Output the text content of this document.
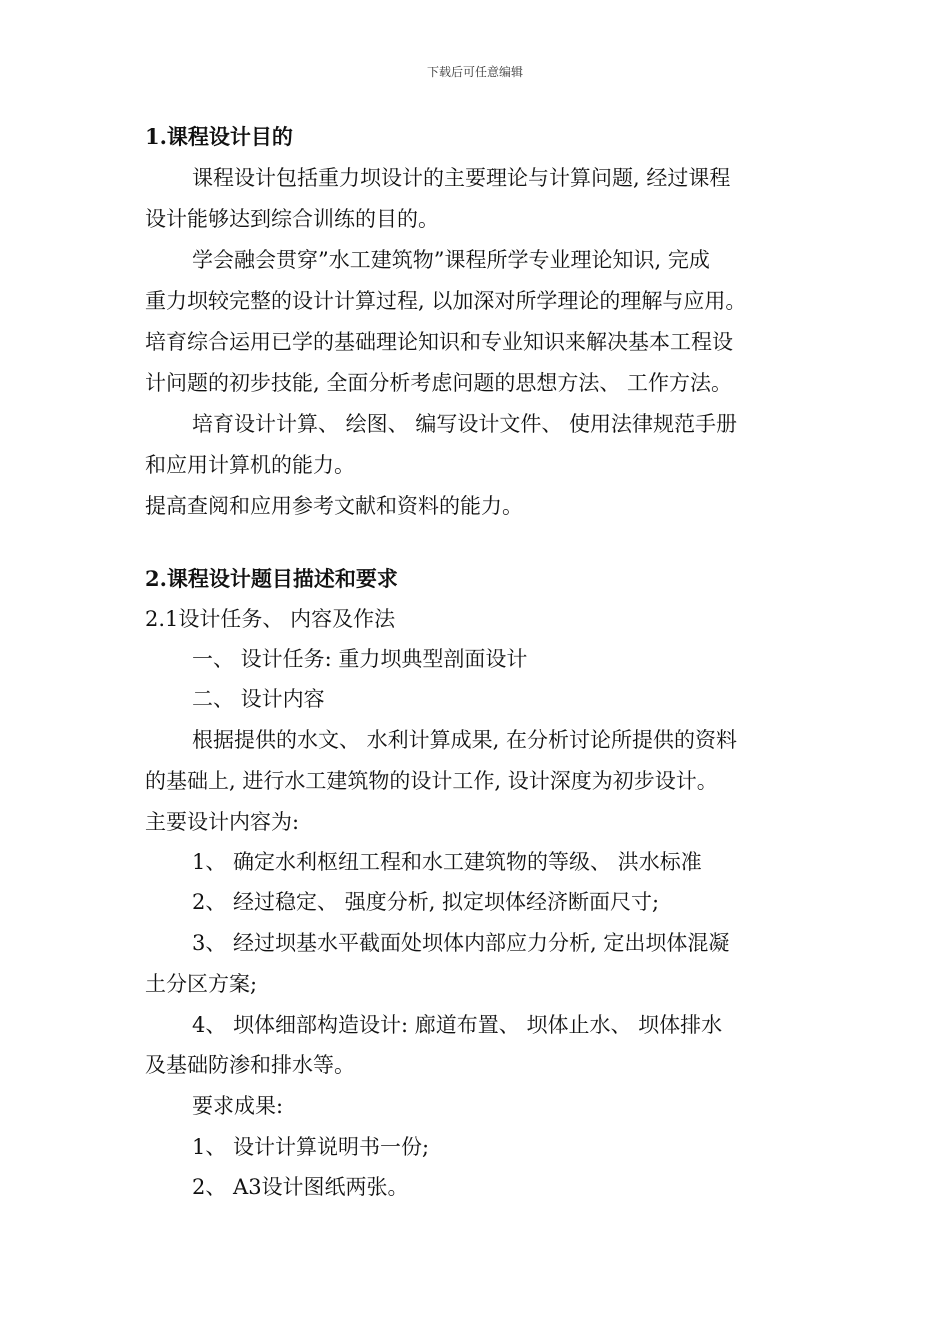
下载后可任意编辑
1.课程设计目的
课程设计包括重力坝设计的主要理论与计算问题, 经过课程
设计能够达到综合训练的目的。
学会融会贯穿”水工建筑物”课程所学专业理论知识, 完成
重力坝较完整的设计计算过程, 以加深对所学理论的理解与应用。
培育综合运用已学的基础理论知识和专业知识来解决基本工程设
计问题的初步技能, 全面分析考虑问题的思想方法、 工作方法。
培育设计计算、 绘图、 编写设计文件、 使用法律规范手册
和应用计算机的能力。
提高查阅和应用参考文献和资料的能力。
2.课程设计题目描述和要求
2.1设计任务、 内容及作法
一、 设计任务: 重力坝典型剖面设计
二、 设计内容
根据提供的水文、 水利计算成果, 在分析讨论所提供的资料
的基础上, 进行水工建筑物的设计工作, 设计深度为初步设计。
主要设计内容为:
1、 确定水利枢纽工程和水工建筑物的等级、 洪水标准
2、 经过稳定、 强度分析, 拟定坝体经济断面尺寸;
3、 经过坝基水平截面处坝体内部应力分析, 定出坝体混凝
土分区方案;
4、 坝体细部构造设计: 廊道布置、 坝体止水、 坝体排水
及基础防渗和排水等。
要求成果:
1、 设计计算说明书一份;
2、 A3设计图纸两张。
